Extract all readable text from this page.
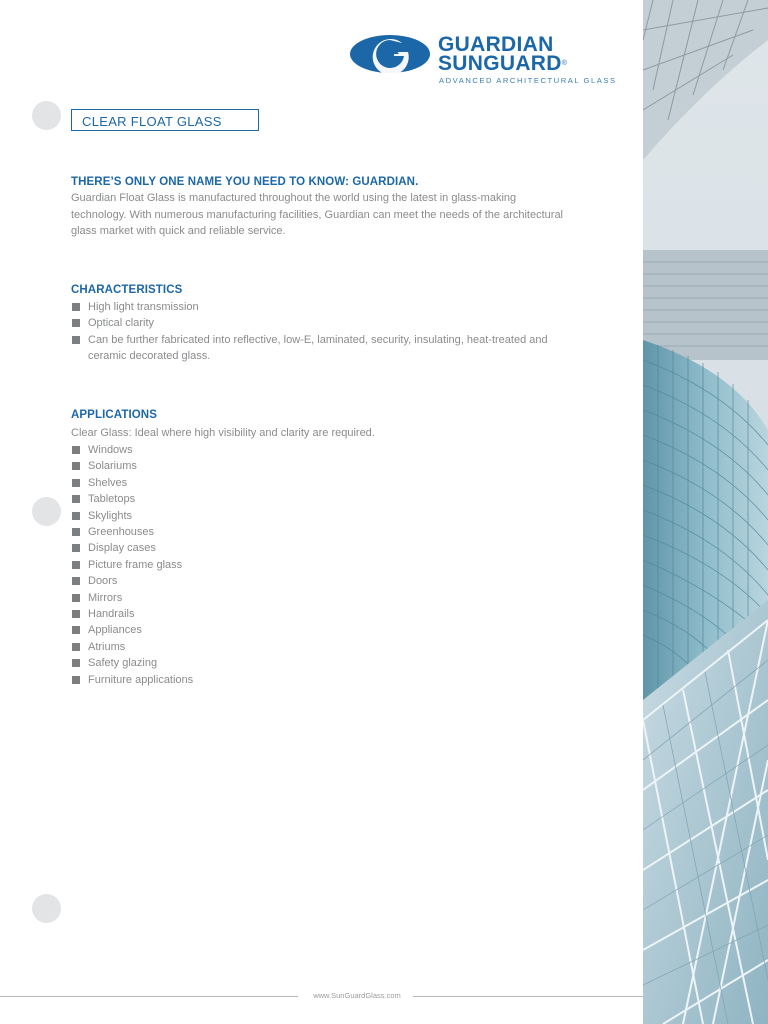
GUARDIAN
SUNGUARD®
ADVANCED ARCHITECTURAL GLASS
CLEAR FLOAT GLASS
THERE’S ONLY ONE NAME YOU NEED TO KNOW: GUARDIAN.
Guardian Float Glass is manufactured throughout the world using the latest in glass-making technology. With numerous manufacturing facilities, Guardian can meet the needs of the architectural glass market with quick and reliable service.
CHARACTERISTICS
High light transmission
Optical clarity
Can be further fabricated into reflective, low-E, laminated, security, insulating, heat-treated and ceramic decorated glass.
APPLICATIONS
Clear Glass: Ideal where high visibility and clarity are required.
Windows
Solariums
Shelves
Tabletops
Skylights
Greenhouses
Display cases
Picture frame glass
Doors
Mirrors
Handrails
Appliances
Atriums
Safety glazing
Furniture applications
www.SunGuardGlass.com
